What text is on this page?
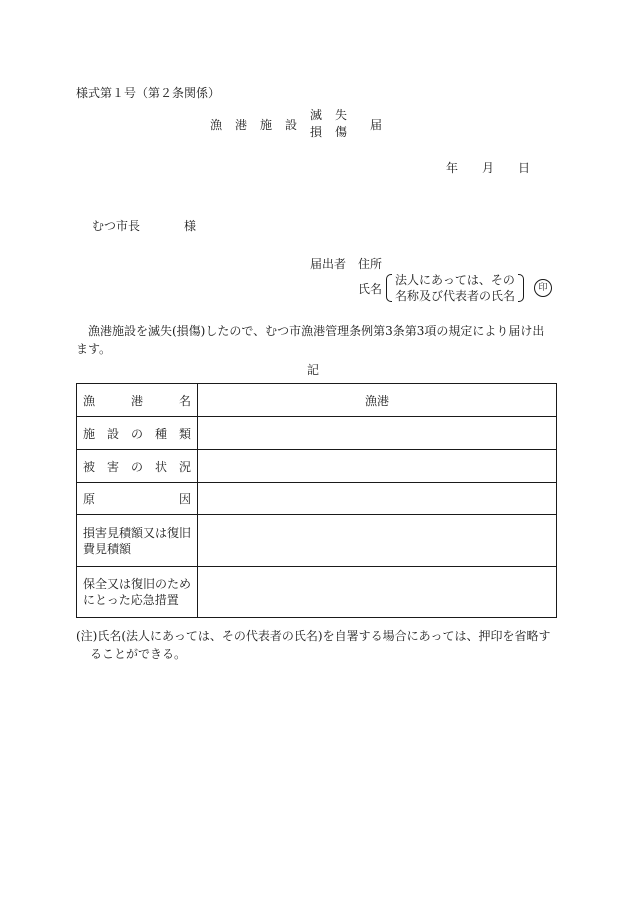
様式第１号（第２条関係）
漁港施設
滅失
損傷
届
年 月 日
むつ市長	様
届出者 住所
氏名
法人にあっては、その
名称及び代表者の氏名
印
漁港施設を滅失(損傷)したので、むつ市漁港管理条例第3条第3項の規定により届け出ます。
記
漁 港 名	漁港

施 設 の 種 類	

被 害 の 状 況	

原 因	

損害見積額又は復旧費見積額	
保全又は復旧のためにとった応急措置	
(注)氏名(法人にあっては、その代表者の氏名)を自署する場合にあっては、押印を省略す
ることができる。
